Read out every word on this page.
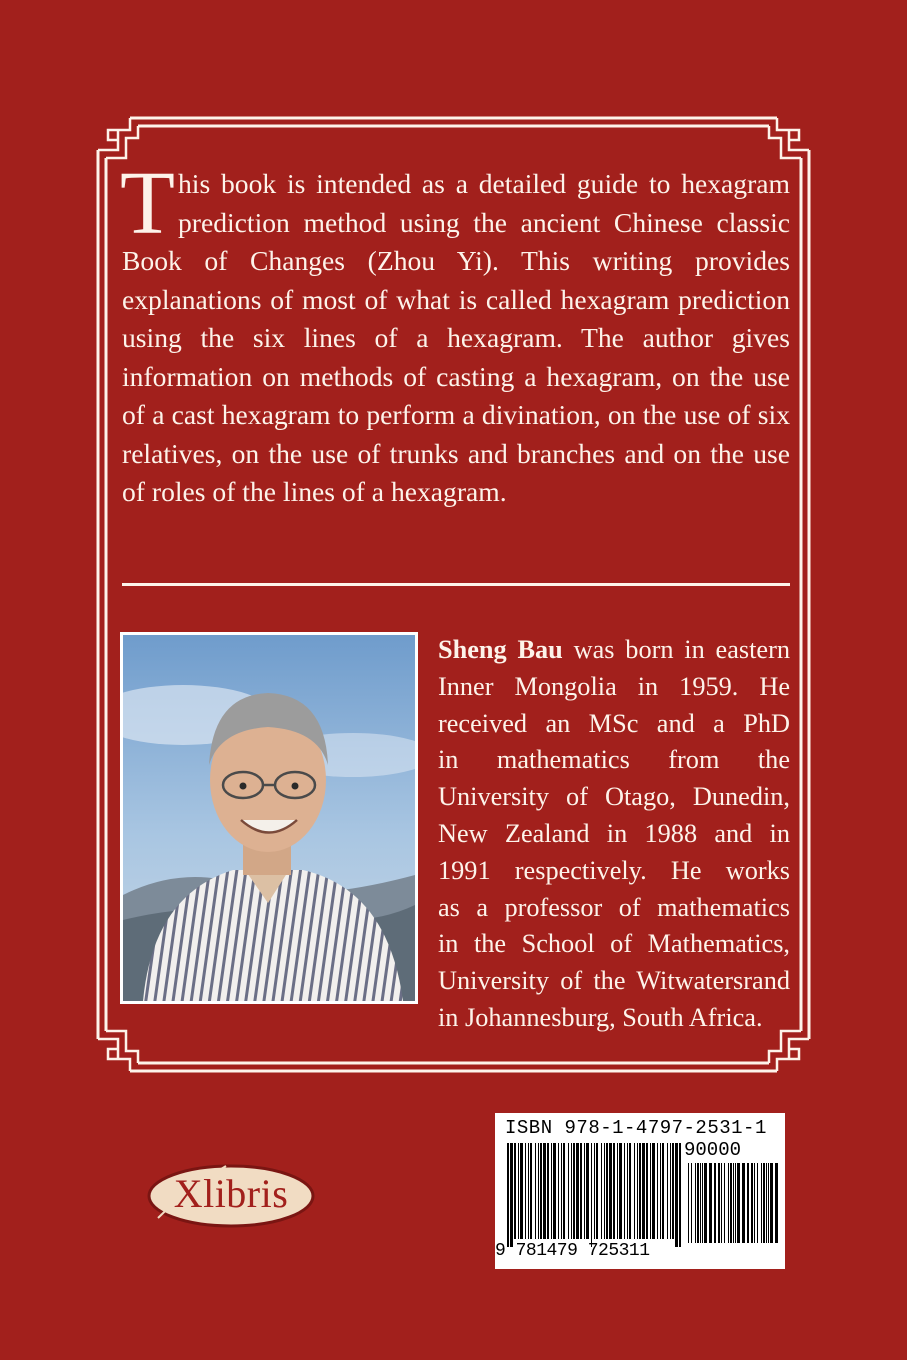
This book is intended as a detailed guide to hexagram prediction method using the ancient Chinese classic Book of Changes (Zhou Yi). This writing provides explanations of most of what is called hexagram prediction using the six lines of a hexagram. The author gives information on methods of casting a hexagram, on the use of a cast hexagram to perform a divination, on the use of six relatives, on the use of trunks and branches and on the use of roles of the lines of a hexagram.

Sheng Bau was born in eastern
Inner Mongolia in 1959. He
received an MSc and a PhD
in mathematics from the
University of Otago, Dunedin,
New Zealand in 1988 and in
1991 respectively. He works
as a professor of mathematics
in the School of Mathematics,
University of the Witwatersrand
in Johannesburg, South Africa.
Xlibris
ISBN 978-1-4797-2531-1
90000
9 781479 725311
